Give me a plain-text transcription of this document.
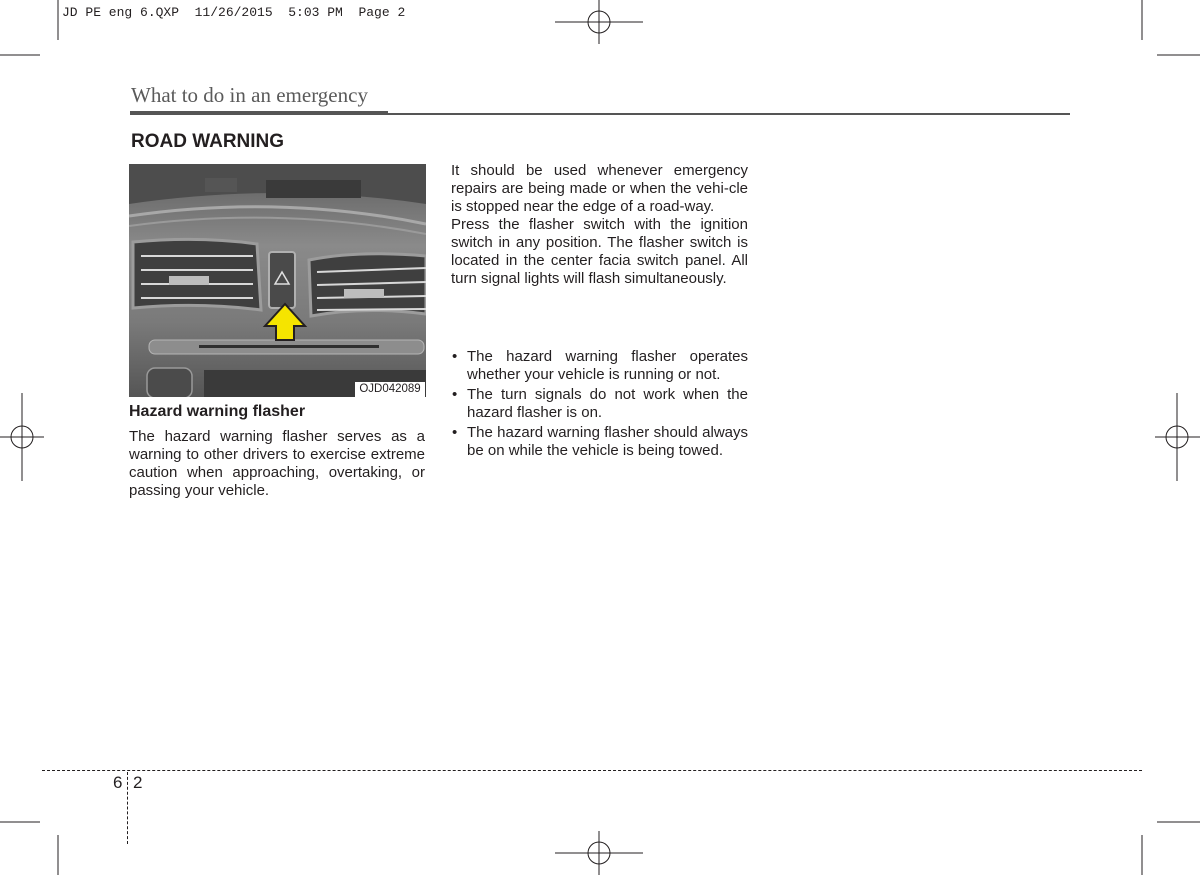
JD PE eng 6.QXP  11/26/2015  5:03 PM  Page 2
What to do in an emergency
ROAD WARNING
OJD042089
Hazard warning flasher

The hazard warning flasher serves as a warning to other drivers to exercise extreme caution when approaching, overtaking, or passing your vehicle.

It should be used whenever emergency repairs are being made or when the vehi-cle is stopped near the edge of a road-way.

Press the flasher switch with the ignition switch in any position. The flasher switch is located in the center facia switch panel. All turn signal lights will flash simultaneously.

• The hazard warning flasher operates whether your vehicle is running or not.
• The turn signals do not work when the hazard flasher is on.
• The hazard warning flasher should always be on while the vehicle is being towed.
6 2
